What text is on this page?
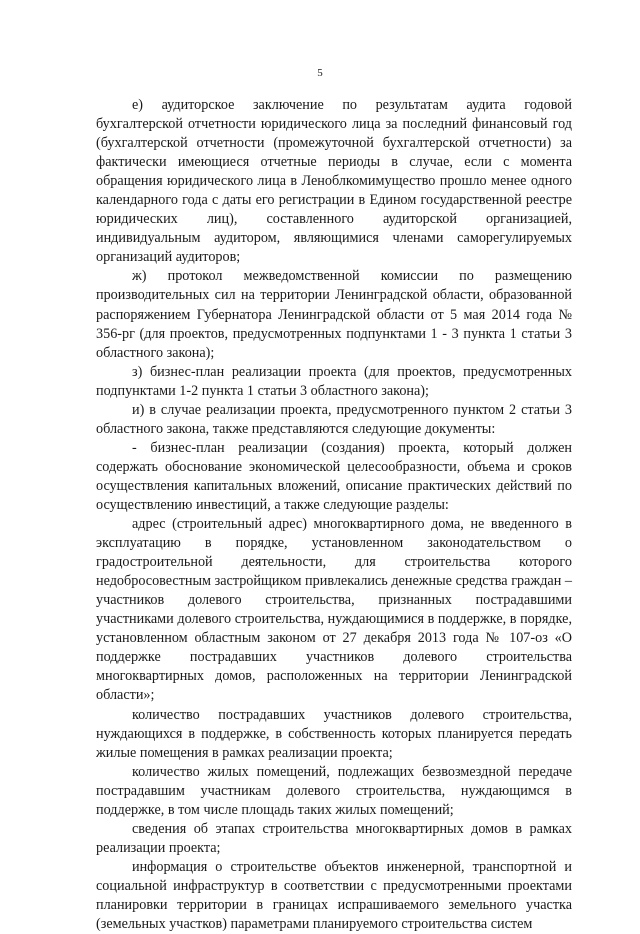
5

е) аудиторское заключение по результатам аудита годовой бухгалтерской отчетности юридического лица за последний финансовый год (бухгалтерской отчетности (промежуточной бухгалтерской отчетности) за фактически имеющиеся отчетные периоды в случае, если с момента обращения юридического лица в Леноблкомимущество прошло менее одного календарного года с даты его регистрации в Едином государственной реестре юридических лиц), составленного аудиторской организацией, индивидуальным аудитором, являющимися членами саморегулируемых организаций аудиторов;

ж) протокол межведомственной комиссии по размещению производительных сил на территории Ленинградской области, образованной распоряжением Губернатора Ленинградской области от 5 мая 2014 года № 356-рг (для проектов, предусмотренных подпунктами 1 - 3 пункта 1 статьи 3 областного закона);

з) бизнес-план реализации проекта (для проектов, предусмотренных подпунктами 1-2 пункта 1 статьи 3 областного закона);

и) в случае реализации проекта, предусмотренного пунктом 2 статьи 3 областного закона, также представляются следующие документы:

- бизнес-план реализации (создания) проекта, который должен содержать обоснование экономической целесообразности, объема и сроков осуществления капитальных вложений, описание практических действий по осуществлению инвестиций, а также следующие разделы:

адрес (строительный адрес) многоквартирного дома, не введенного в эксплуатацию в порядке, установленном законодательством о градостроительной деятельности, для строительства которого недобросовестным застройщиком привлекались денежные средства граждан – участников долевого строительства, признанных пострадавшими участниками долевого строительства, нуждающимися в поддержке, в порядке, установленном областным законом от 27 декабря 2013 года № 107-оз «О поддержке пострадавших участников долевого строительства многоквартирных домов, расположенных на территории Ленинградской области»;

количество пострадавших участников долевого строительства, нуждающихся в поддержке, в собственность которых планируется передать жилые помещения в рамках реализации проекта;

количество жилых помещений, подлежащих безвозмездной передаче пострадавшим участникам долевого строительства, нуждающимся в поддержке, в том числе площадь таких жилых помещений;

сведения об этапах строительства многоквартирных домов в рамках реализации проекта;

информация о строительстве объектов инженерной, транспортной и социальной инфраструктур в соответствии с предусмотренными проектами планировки территории в границах испрашиваемого земельного участка (земельных участков) параметрами планируемого строительства систем
